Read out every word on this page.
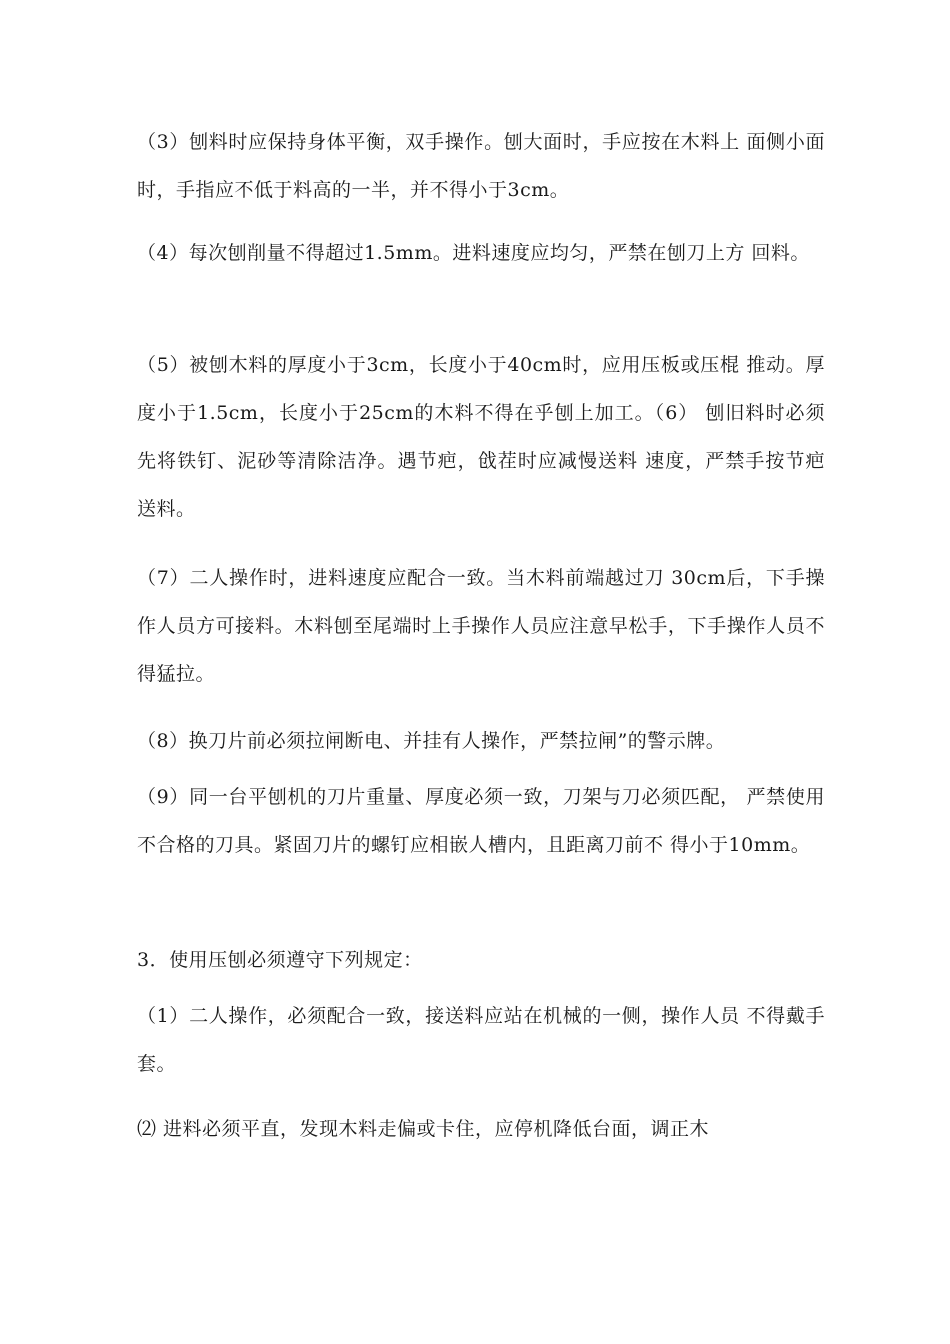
（3）刨料时应保持身体平衡，双手操作。刨大面时，手应按在木料上 面侧小面时，手指应不低于料高的一半，并不得小于3cm。

（4）每次刨削量不得超过1.5mm。进料速度应均匀，严禁在刨刀上方 回料。

（5）被刨木料的厚度小于3cm，长度小于40cm时，应用压板或压棍 推动。厚度小于1.5cm，长度小于25cm的木料不得在乎刨上加工。（6） 刨旧料时必须先将铁钉、泥砂等清除洁净。遇节疤，戗茬时应减慢送料 速度，严禁手按节疤送料。

（7）二人操作时，进料速度应配合一致。当木料前端越过刀 30cm后，下手操作人员方可接料。木料刨至尾端时上手操作人员应注意早松手，下手操作人员不得猛拉。

（8）换刀片前必须拉闸断电、并挂有人操作，严禁拉闸”的警示牌。

（9）同一台平刨机的刀片重量、厚度必须一致，刀架与刀必须匹配， 严禁使用不合格的刀具。紧固刀片的螺钉应相嵌人槽内，且距离刀前不 得小于10mm。

3．使用压刨必须遵守下列规定：

（1）二人操作，必须配合一致，接送料应站在机械的一侧，操作人员 不得戴手套。

⑵ 进料必须平直，发现木料走偏或卡住，应停机降低台面，调正木
